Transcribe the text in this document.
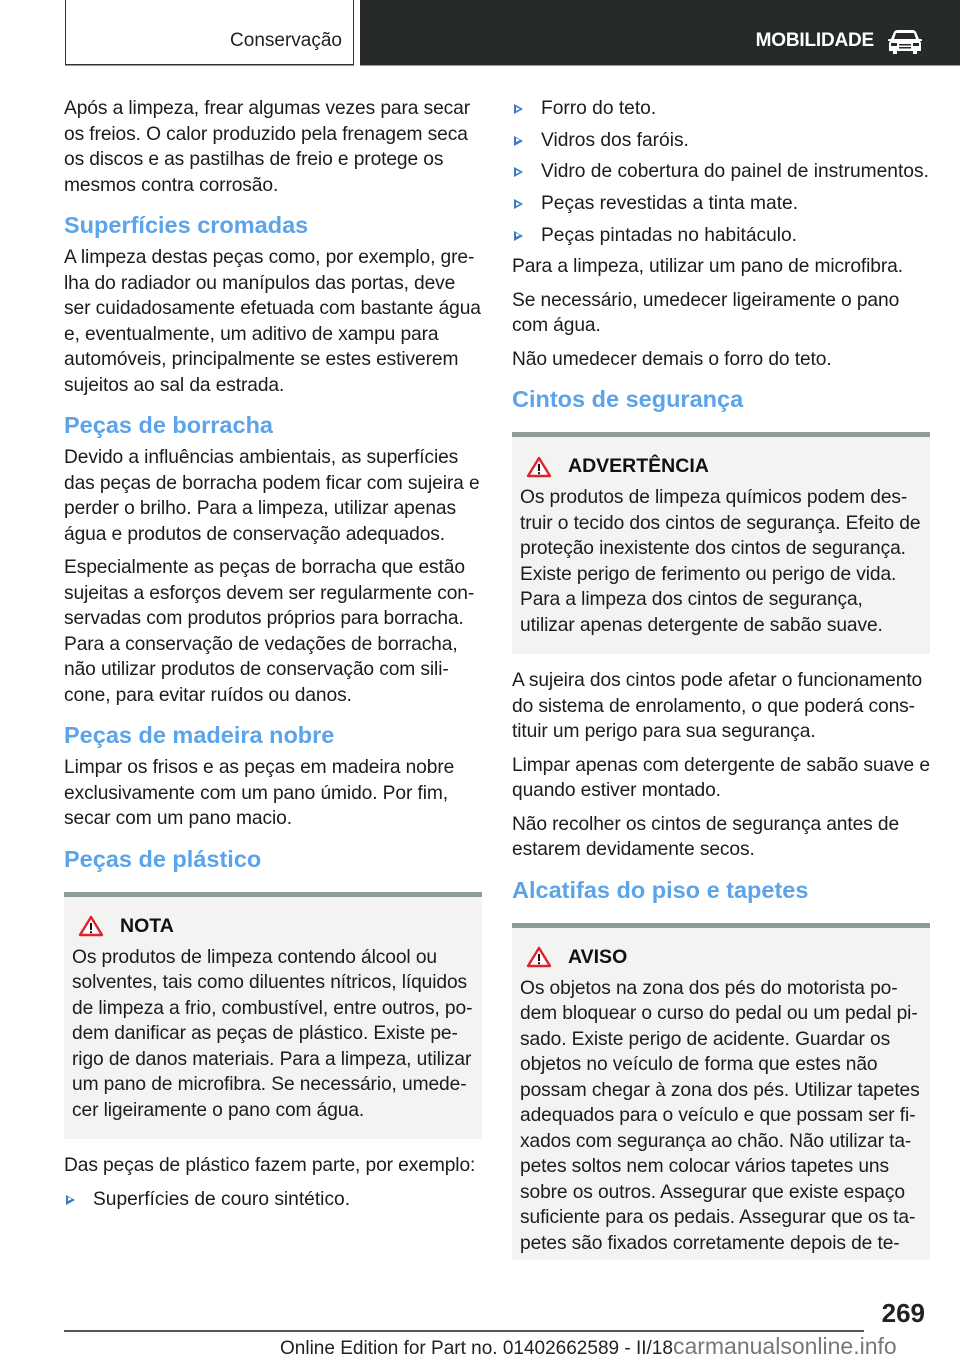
Conservação	MOBILIDADE

Após a limpeza, frear algumas vezes para secar os freios. O calor produzido pela frenagem seca os discos e as pastilhas de freio e protege os mesmos contra corrosão.

Superfícies cromadas

A limpeza destas peças como, por exemplo, grelha do radiador ou manípulos das portas, deve ser cuidadosamente efetuada com bastante água e, eventualmente, um aditivo de xampu para automóveis, principalmente se estes estiverem sujeitos ao sal da estrada.

Peças de borracha

Devido a influências ambientais, as superfícies das peças de borracha podem ficar com sujeira e perder o brilho. Para a limpeza, utilizar apenas água e produtos de conservação adequados.

Especialmente as peças de borracha que estão sujeitas a esforços devem ser regularmente conservadas com produtos próprios para borracha. Para a conservação de vedações de borracha, não utilizar produtos de conservação com silicone, para evitar ruídos ou danos.

Peças de madeira nobre

Limpar os frisos e as peças em madeira nobre exclusivamente com um pano úmido. Por fim, secar com um pano macio.

Peças de plástico
NOTA

Os produtos de limpeza contendo álcool ou solventes, tais como diluentes nítricos, líquidos de limpeza a frio, combustível, entre outros, podem danificar as peças de plástico. Existe perigo de danos materiais. Para a limpeza, utilizar um pano de microfibra. Se necessário, umedecer ligeiramente o pano com água.

Das peças de plástico fazem parte, por exemplo:

Superfícies de couro sintético.
Forro do teto.
Vidros dos faróis.
Vidro de cobertura do painel de instrumentos.
Peças revestidas a tinta mate.
Peças pintadas no habitáculo.

Para a limpeza, utilizar um pano de microfibra.

Se necessário, umedecer ligeiramente o pano com água.

Não umedecer demais o forro do teto.

Cintos de segurança
ADVERTÊNCIA

Os produtos de limpeza químicos podem destruir o tecido dos cintos de segurança. Efeito de proteção inexistente dos cintos de segurança. Existe perigo de ferimento ou perigo de vida. Para a limpeza dos cintos de segurança, utilizar apenas detergente de sabão suave.

A sujeira dos cintos pode afetar o funcionamento do sistema de enrolamento, o que poderá constituir um perigo para sua segurança.

Limpar apenas com detergente de sabão suave e quando estiver montado.

Não recolher os cintos de segurança antes de estarem devidamente secos.

Alcatifas do piso e tapetes
AVISO

Os objetos na zona dos pés do motorista podem bloquear o curso do pedal ou um pedal pisado. Existe perigo de acidente. Guardar os objetos no veículo de forma que estes não possam chegar à zona dos pés. Utilizar tapetes adequados para o veículo e que possam ser fixados com segurança ao chão. Não utilizar tapetes soltos nem colocar vários tapetes uns sobre os outros. Assegurar que existe espaço suficiente para os pedais. Assegurar que os tapetes são fixados corretamente depois de te-

269
Online Edition for Part no. 01402662589 - II/18carmanualsonline.info
